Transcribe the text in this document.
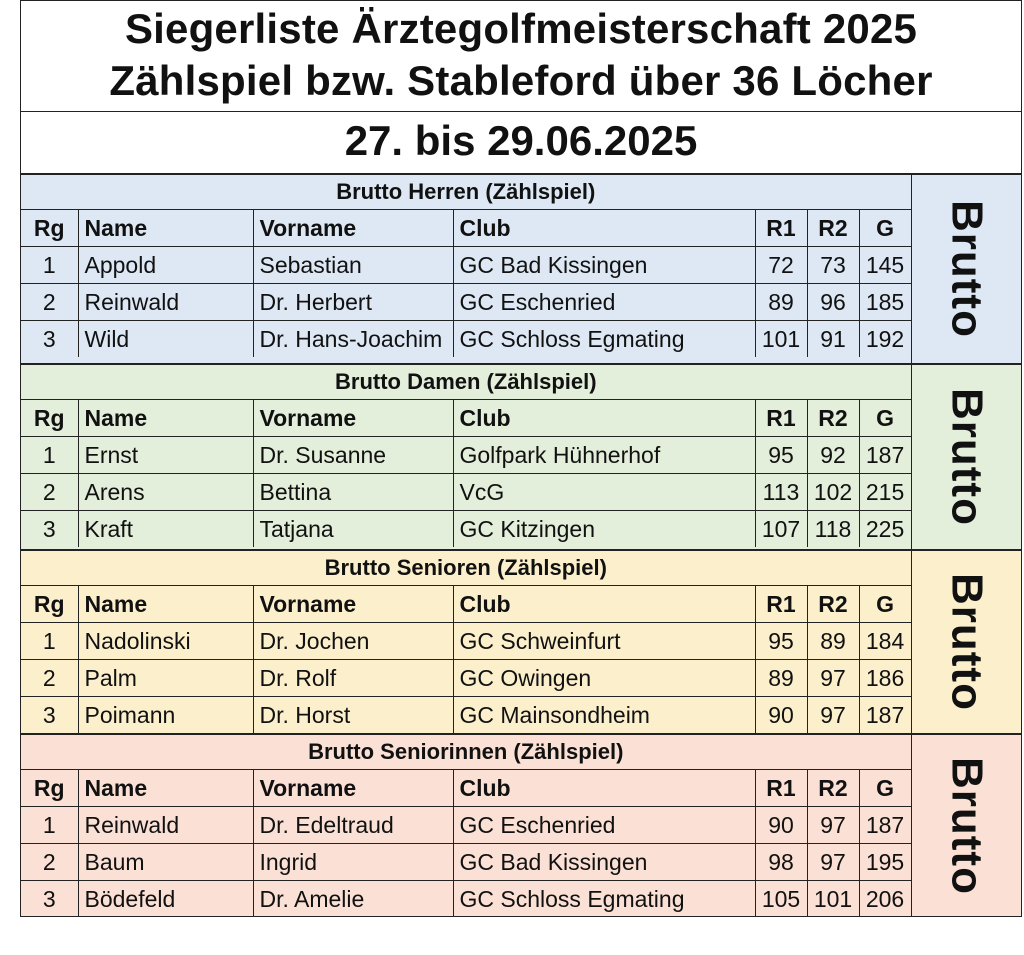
Siegerliste Ärztegolfmeisterschaft 2025
Zählspiel bzw. Stableford über 36 Löcher
27. bis 29.06.2025
Brutto Herren (Zählspiel)						
Rg	Name	Vorname	Club	R1	R2	G
1	Appold	Sebastian	GC Bad Kissingen	72	73	145
2	Reinwald	Dr. Herbert	GC Eschenried	89	96	185
3	Wild	Dr. Hans-Joachim	GC Schloss Egmating	101	91	192
Brutto
Brutto Damen (Zählspiel)						
Rg	Name	Vorname	Club	R1	R2	G
1	Ernst	Dr. Susanne	Golfpark Hühnerhof	95	92	187
2	Arens	Bettina	VcG	113	102	215
3	Kraft	Tatjana	GC Kitzingen	107	118	225
Brutto
Brutto Senioren (Zählspiel)						
Rg	Name	Vorname	Club	R1	R2	G
1	Nadolinski	Dr. Jochen	GC Schweinfurt	95	89	184
2	Palm	Dr. Rolf	GC Owingen	89	97	186
3	Poimann	Dr. Horst	GC Mainsondheim	90	97	187
Brutto
Brutto Seniorinnen (Zählspiel)						
Rg	Name	Vorname	Club	R1	R2	G
1	Reinwald	Dr. Edeltraud	GC Eschenried	90	97	187
2	Baum	Ingrid	GC Bad Kissingen	98	97	195
3	Bödefeld	Dr. Amelie	GC Schloss Egmating	105	101	206
Brutto
